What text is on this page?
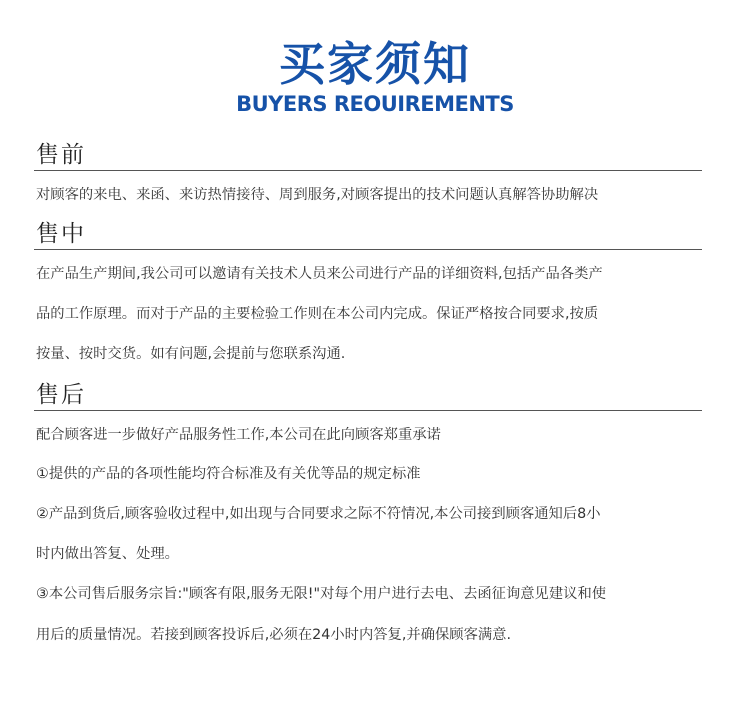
买家须知
BUYERS REOUIREMENTS
售前
对顾客的来电、来函、来访热情接待、周到服务,对顾客提出的技术问题认真解答协助解决
售中
在产品生产期间,我公司可以邀请有关技术人员来公司进行产品的详细资料,包括产品各类产
品的工作原理。而对于产品的主要检验工作则在本公司内完成。保证严格按合同要求,按质
按量、按时交货。如有问题,会提前与您联系沟通.
售后
配合顾客进一步做好产品服务性工作,本公司在此向顾客郑重承诺
①提供的产品的各项性能均符合标准及有关优等品的规定标准
②产品到货后,顾客验收过程中,如出现与合同要求之际不符情况,本公司接到顾客通知后8小
时内做出答复、处理。
③本公司售后服务宗旨:"顾客有限,服务无限!"对每个用户进行去电、去函征询意见建议和使
用后的质量情况。若接到顾客投诉后,必须在24小时内答复,并确保顾客满意.
